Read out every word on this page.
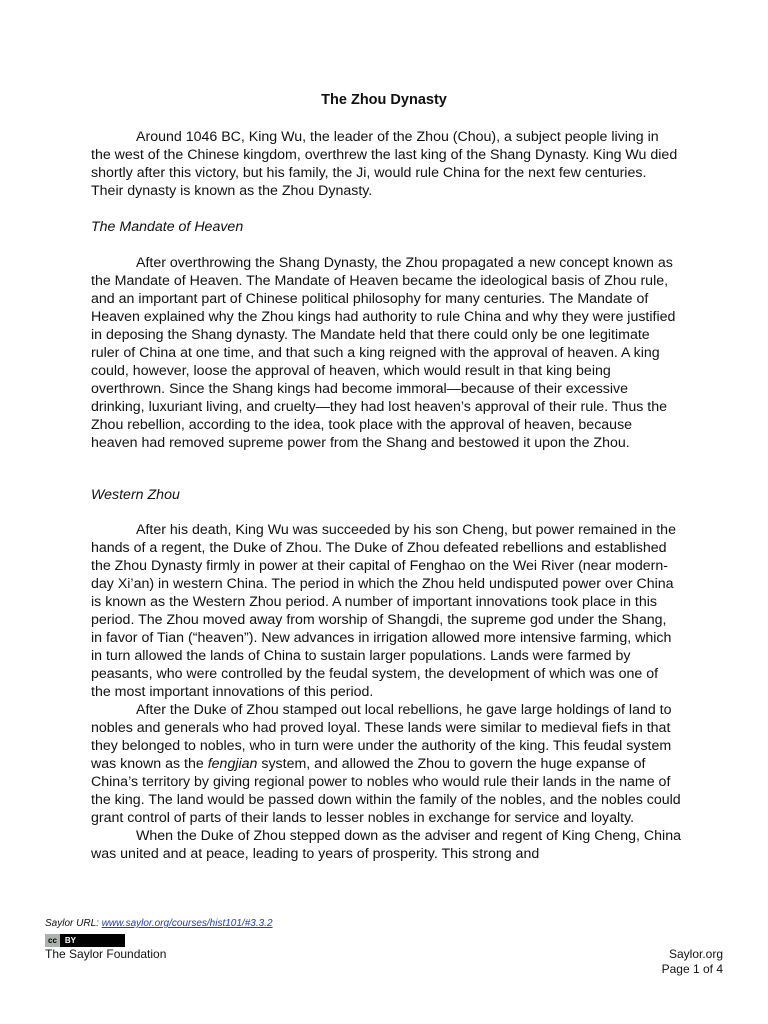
The Zhou Dynasty

Around 1046 BC, King Wu, the leader of the Zhou (Chou), a subject people living in the west of the Chinese kingdom, overthrew the last king of the Shang Dynasty. King Wu died shortly after this victory, but his family, the Ji, would rule China for the next few centuries. Their dynasty is known as the Zhou Dynasty.

The Mandate of Heaven

After overthrowing the Shang Dynasty, the Zhou propagated a new concept known as the Mandate of Heaven. The Mandate of Heaven became the ideological basis of Zhou rule, and an important part of Chinese political philosophy for many centuries. The Mandate of Heaven explained why the Zhou kings had authority to rule China and why they were justified in deposing the Shang dynasty. The Mandate held that there could only be one legitimate ruler of China at one time, and that such a king reigned with the approval of heaven. A king could, however, loose the approval of heaven, which would result in that king being overthrown. Since the Shang kings had become immoral—because of their excessive drinking, luxuriant living, and cruelty—they had lost heaven’s approval of their rule. Thus the Zhou rebellion, according to the idea, took place with the approval of heaven, because heaven had removed supreme power from the Shang and bestowed it upon the Zhou.

Western Zhou

After his death, King Wu was succeeded by his son Cheng, but power remained in the hands of a regent, the Duke of Zhou. The Duke of Zhou defeated rebellions and established the Zhou Dynasty firmly in power at their capital of Fenghao on the Wei River (near modern-day Xi’an) in western China. The period in which the Zhou held undisputed power over China is known as the Western Zhou period. A number of important innovations took place in this period. The Zhou moved away from worship of Shangdi, the supreme god under the Shang, in favor of Tian (“heaven”). New advances in irrigation allowed more intensive farming, which in turn allowed the lands of China to sustain larger populations. Lands were farmed by peasants, who were controlled by the feudal system, the development of which was one of the most important innovations of this period.

After the Duke of Zhou stamped out local rebellions, he gave large holdings of land to nobles and generals who had proved loyal. These lands were similar to medieval fiefs in that they belonged to nobles, who in turn were under the authority of the king. This feudal system was known as the fengjian system, and allowed the Zhou to govern the huge expanse of China’s territory by giving regional power to nobles who would rule their lands in the name of the king. The land would be passed down within the family of the nobles, and the nobles could grant control of parts of their lands to lesser nobles in exchange for service and loyalty.

When the Duke of Zhou stepped down as the adviser and regent of King Cheng, China was united and at peace, leading to years of prosperity. This strong and

Saylor URL: www.saylor.org/courses/hist101/#3.3.2
cc	BY
The Saylor Foundation	Saylor.org
Page 1 of 4
